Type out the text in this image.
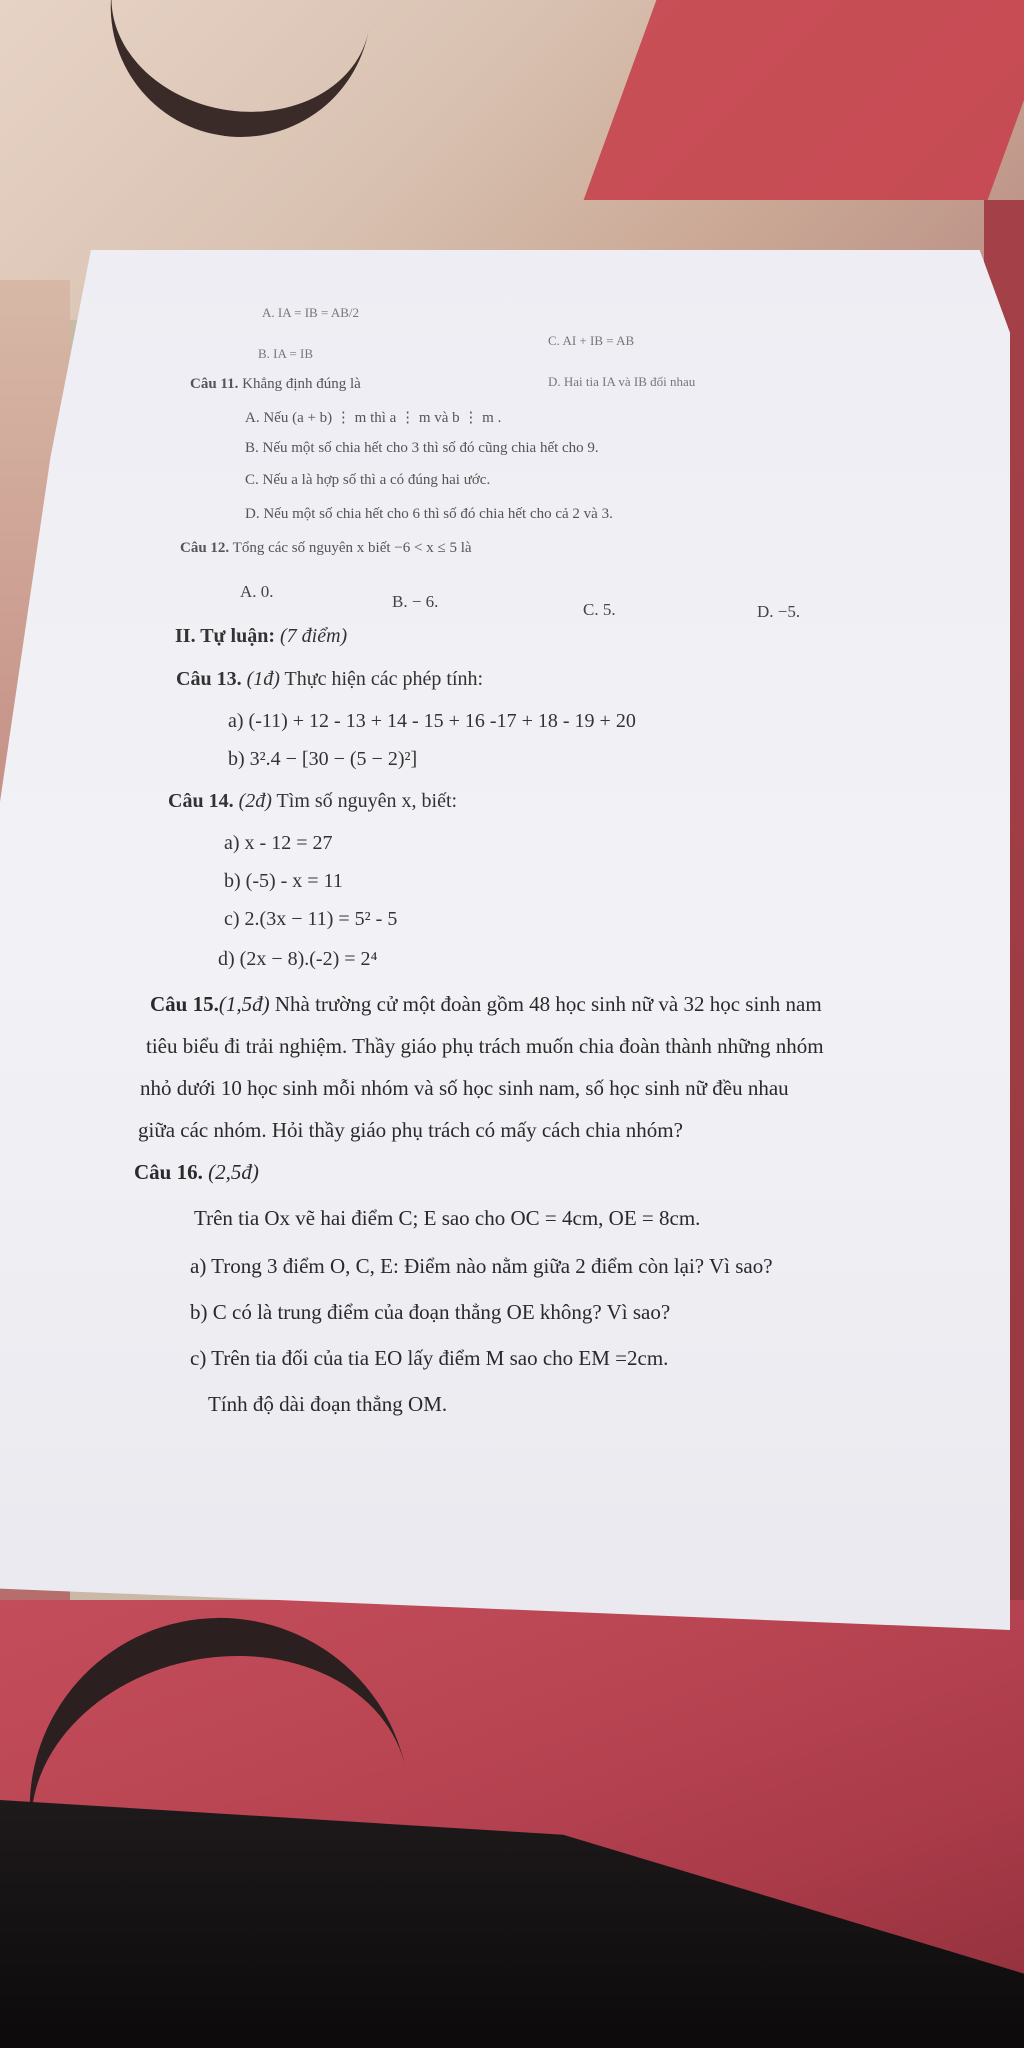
A. IA = IB = AB/2
C. AI + IB = AB
B. IA = IB
D. Hai tia IA và IB đối nhau
Câu 11. Khẳng định đúng là
A. Nếu (a + b) ⋮ m thì a ⋮ m và b ⋮ m .
B. Nếu một số chia hết cho 3 thì số đó cũng chia hết cho 9.
C. Nếu a là hợp số thì a có đúng hai ước.
D. Nếu một số chia hết cho 6 thì số đó chia hết cho cả 2 và 3.
Câu 12. Tổng các số nguyên x biết −6 < x ≤ 5 là
A. 0.
B. − 6.	C. 5.	D. −5.
II. Tự luận: (7 điểm)
Câu 13. (1đ) Thực hiện các phép tính:
a) (-11) + 12 - 13 + 14 - 15 + 16 -17 + 18 - 19 + 20
b) 3².4 − [30 − (5 − 2)²]
Câu 14. (2đ) Tìm số nguyên x, biết:
a) x - 12 = 27
b) (-5) - x = 11
c) 2.(3x − 11) = 5² - 5
d) (2x − 8).(-2) = 2⁴
Câu 15.(1,5đ) Nhà trường cử một đoàn gồm 48 học sinh nữ và 32 học sinh nam
tiêu biểu đi trải nghiệm. Thầy giáo phụ trách muốn chia đoàn thành những nhóm
nhỏ dưới 10 học sinh mỗi nhóm và số học sinh nam, số học sinh nữ đều nhau
giữa các nhóm. Hỏi thầy giáo phụ trách có mấy cách chia nhóm?
Câu 16. (2,5đ)
Trên tia Ox vẽ hai điểm C; E sao cho OC = 4cm, OE = 8cm.
a) Trong 3 điểm O, C, E: Điểm nào nằm giữa 2 điểm còn lại? Vì sao?
b) C có là trung điểm của đoạn thẳng OE không? Vì sao?
c) Trên tia đối của tia EO lấy điểm M sao cho EM =2cm.
Tính độ dài đoạn thẳng OM.
